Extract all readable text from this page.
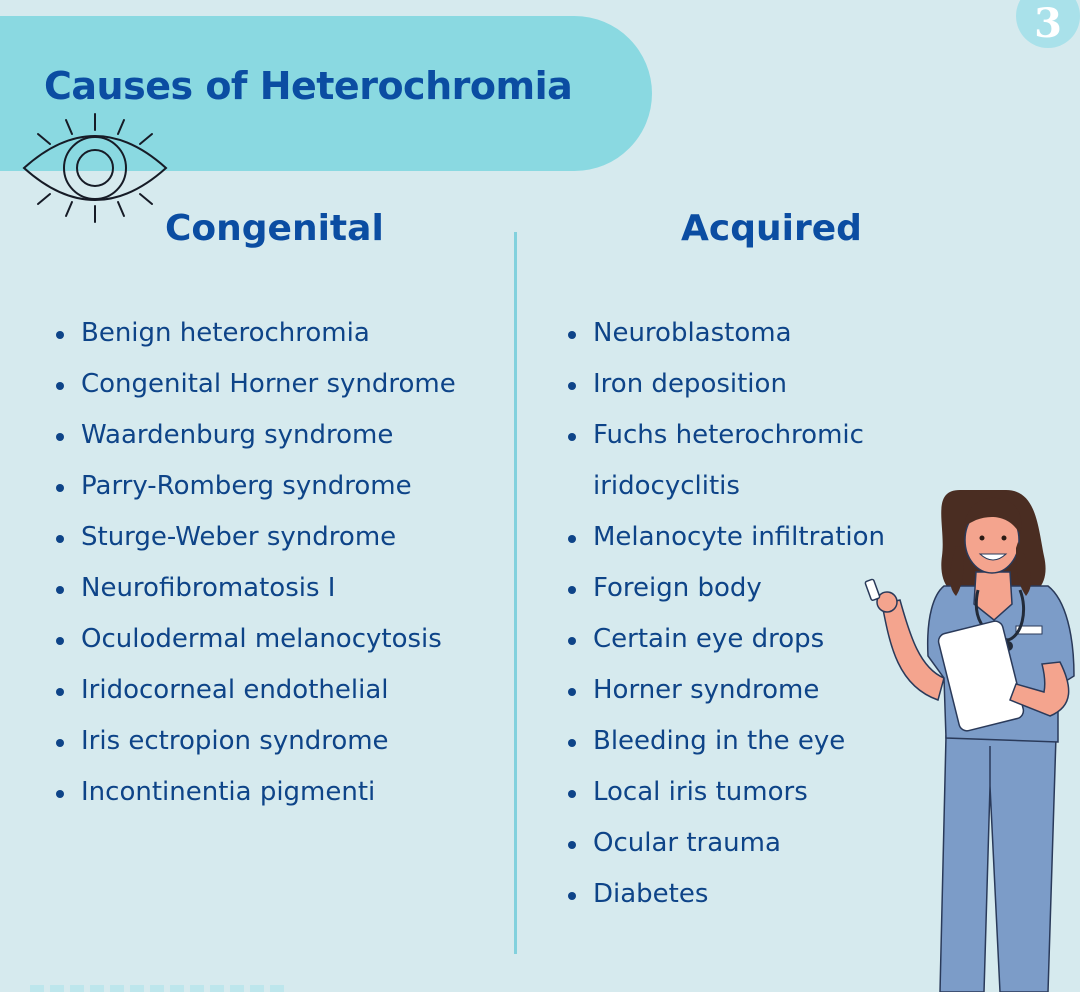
3
Causes of Heterochromia
Congenital	Acquired
Benign heterochromia
Congenital Horner syndrome
Waardenburg syndrome
Parry-Romberg syndrome
Sturge-Weber syndrome
Neurofibromatosis I
Oculodermal melanocytosis
Iridocorneal endothelial
Iris ectropion syndrome
Incontinentia pigmenti
Neuroblastoma
Iron deposition
Fuchs heterochromic
iridocyclitis
Melanocyte infiltration
Foreign body
Certain eye drops
Horner syndrome
Bleeding in the eye
Local iris tumors
Ocular trauma
Diabetes
